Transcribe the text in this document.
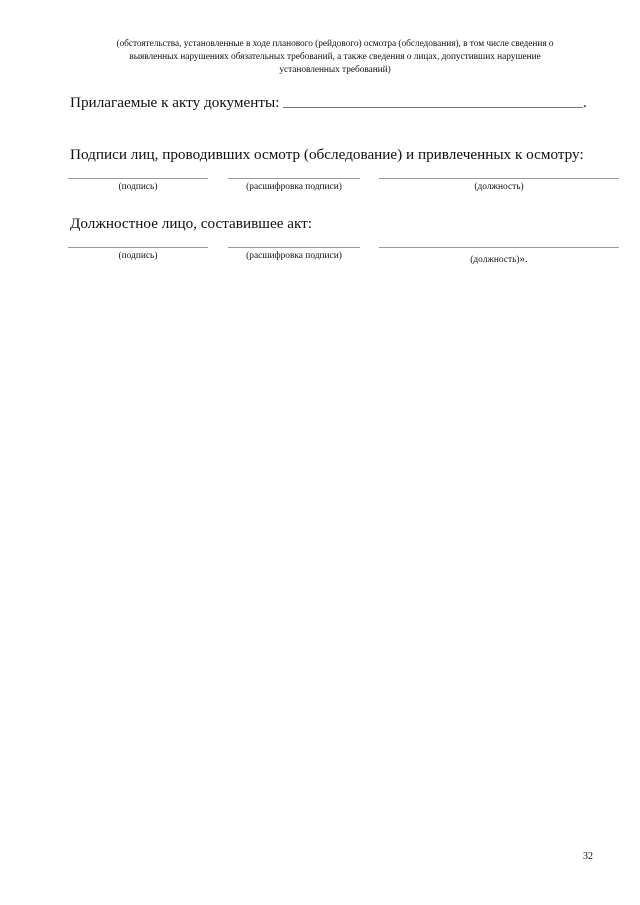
(обстоятельства, установленные в ходе планового (рейдового) осмотра (обследования), в том числе сведения о
выявленных нарушениях обязательных требований, а также сведения о лицах, допустивших нарушение
установленных требований)
Прилагаемые к акту документы:	.
Подписи лиц, проводивших осмотр (обследование) и привлеченных к осмотру:
(подпись)	(расшифровка подписи)	(должность)
Должностное лицо, составившее акт:
(подпись)	(расшифровка подписи)	(должность)».
32
